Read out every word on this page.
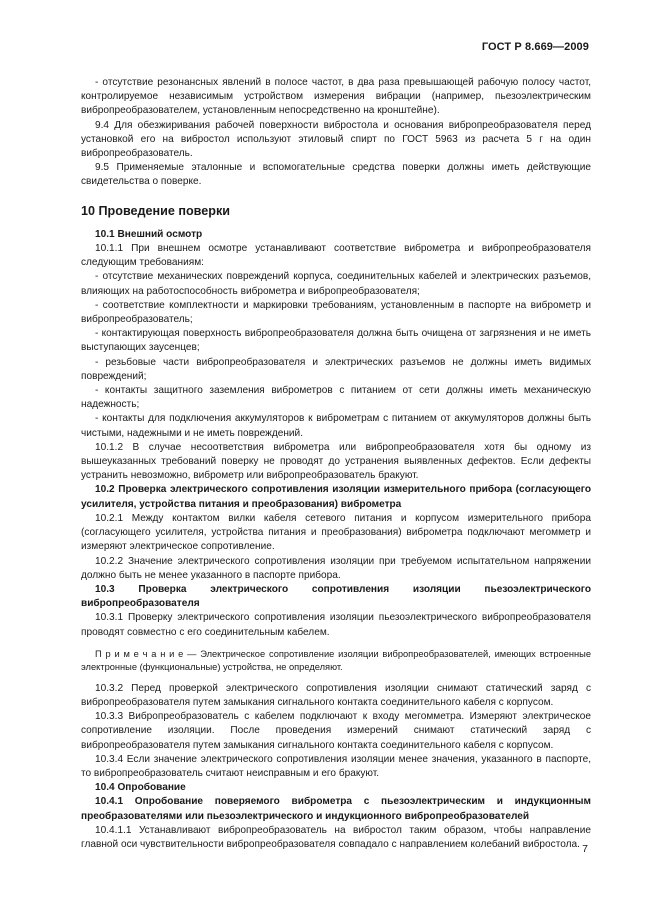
ГОСТ Р 8.669—2009

- отсутствие резонансных явлений в полосе частот, в два раза превышающей рабочую полосу частот, контролируемое независимым устройством измерения вибрации (например, пьезоэлектрическим вибропреобразователем, установленным непосредственно на кронштейне).

9.4 Для обезжиривания рабочей поверхности вибростола и основания вибропреобразователя перед установкой его на вибростол используют этиловый спирт по ГОСТ 5963 из расчета 5 г на один вибропреобразователь.

9.5 Применяемые эталонные и вспомогательные средства поверки должны иметь действующие свидетельства о поверке.

10 Проведение поверки

10.1 Внешний осмотр

10.1.1 При внешнем осмотре устанавливают соответствие виброметра и вибропреобразователя следующим требованиям:

- отсутствие механических повреждений корпуса, соединительных кабелей и электрических разъемов, влияющих на работоспособность виброметра и вибропреобразователя;

- соответствие комплектности и маркировки требованиям, установленным в паспорте на виброметр и вибропреобразователь;

- контактирующая поверхность вибропреобразователя должна быть очищена от загрязнения и не иметь выступающих заусенцев;

- резьбовые части вибропреобразователя и электрических разъемов не должны иметь видимых повреждений;

- контакты защитного заземления виброметров с питанием от сети должны иметь механическую надежность;

- контакты для подключения аккумуляторов к виброметрам с питанием от аккумуляторов должны быть чистыми, надежными и не иметь повреждений.

10.1.2 В случае несоответствия виброметра или вибропреобразователя хотя бы одному из вышеуказанных требований поверку не проводят до устранения выявленных дефектов. Если дефекты устранить невозможно, виброметр или вибропреобразователь бракуют.

10.2 Проверка электрического сопротивления изоляции измерительного прибора (согласующего усилителя, устройства питания и преобразования) виброметра

10.2.1 Между контактом вилки кабеля сетевого питания и корпусом измерительного прибора (согласующего усилителя, устройства питания и преобразования) виброметра подключают мегомметр и измеряют электрическое сопротивление.

10.2.2 Значение электрического сопротивления изоляции при требуемом испытательном напряжении должно быть не менее указанного в паспорте прибора.

10.3 Проверка электрического сопротивления изоляции пьезоэлектрического вибропреобразователя

10.3.1 Проверку электрического сопротивления изоляции пьезоэлектрического вибропреобразователя проводят совместно с его соединительным кабелем.

П р и м е ч а н и е — Электрическое сопротивление изоляции вибропреобразователей, имеющих встроенные электронные (функциональные) устройства, не определяют.

10.3.2 Перед проверкой электрического сопротивления изоляции снимают статический заряд с вибропреобразователя путем замыкания сигнального контакта соединительного кабеля с корпусом.

10.3.3 Вибропреобразователь с кабелем подключают к входу мегомметра. Измеряют электрическое сопротивление изоляции. После проведения измерений снимают статический заряд с вибропреобразователя путем замыкания сигнального контакта соединительного кабеля с корпусом.

10.3.4 Если значение электрического сопротивления изоляции менее значения, указанного в паспорте, то вибропреобразователь считают неисправным и его бракуют.

10.4 Опробование

10.4.1 Опробование поверяемого виброметра с пьезоэлектрическим и индукционным преобразователями или пьезоэлектрического и индукционного вибропреобразователей

10.4.1.1 Устанавливают вибропреобразователь на вибростол таким образом, чтобы направление главной оси чувствительности вибропреобразователя совпадало с направлением колебаний вибростола. 7
